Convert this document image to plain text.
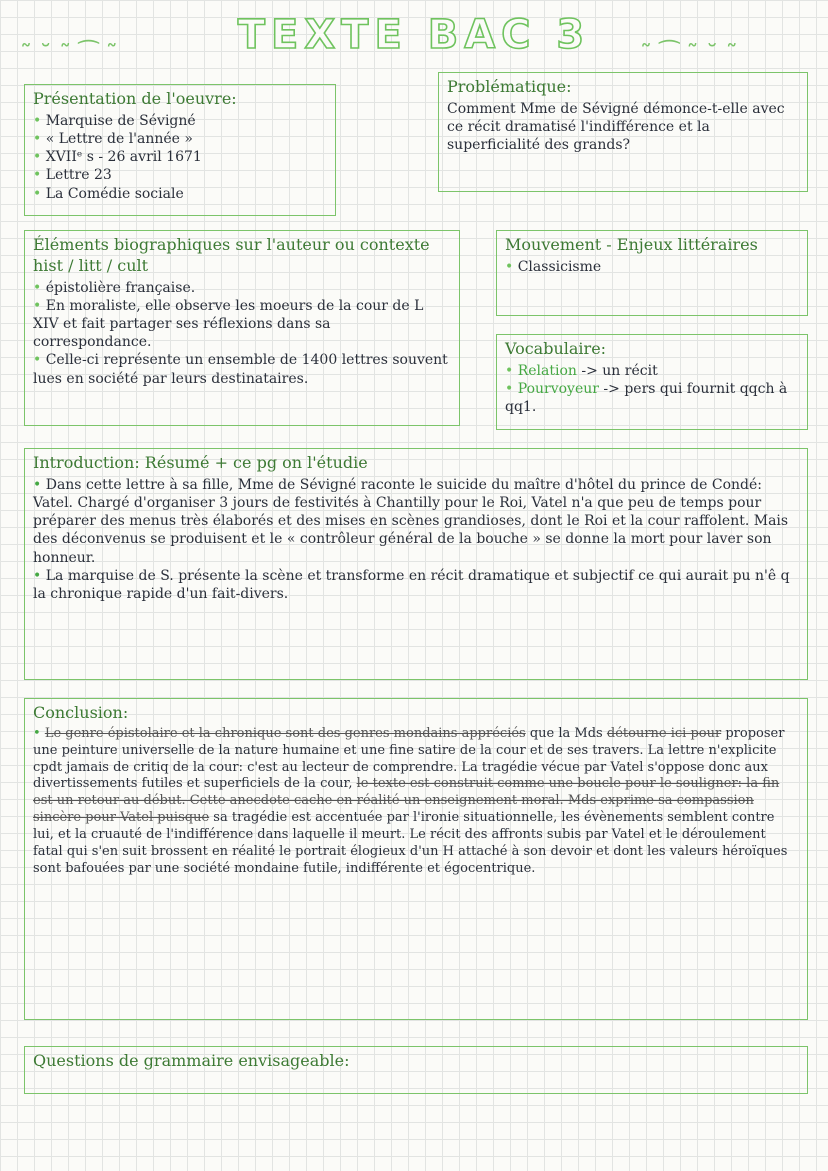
˜ ˘ ˜ ⁀ ˜	TEXTE BAC 3	˜ ⁀ ˜ ˘ ˜
Présentation de l'oeuvre:
• Marquise de Sévigné
• « Lettre de l'année »
• XVIIᵉ s - 26 avril 1671
• Lettre 23
• La Comédie sociale
Problématique:

Comment Mme de Sévigné démonce-t-elle avec ce récit dramatisé l'indifférence et la superficialité des grands?

Éléments biographiques sur l'auteur ou contexte hist / litt / cult
• épistolière française.
• En moraliste, elle observe les moeurs de la cour de L XIV et fait partager ses réflexions dans sa correspondance.
• Celle-ci représente un ensemble de 1400 lettres souvent lues en société par leurs destinataires.
Mouvement - Enjeux littéraires
• Classicisme
Vocabulaire:
• Relation -> un récit
• Pourvoyeur -> pers qui fournit qqch à qq1.
Introduction: Résumé + ce pg on l'étudie

• Dans cette lettre à sa fille, Mme de Sévigné raconte le suicide du maître d'hôtel du prince de Condé: Vatel. Chargé d'organiser 3 jours de festivités à Chantilly pour le Roi, Vatel n'a que peu de temps pour préparer des menus très élaborés et des mises en scènes grandioses, dont le Roi et la cour raffolent. Mais des déconvenus se produisent et le « contrôleur général de la bouche » se donne la mort pour laver son honneur.

• La marquise de S. présente la scène et transforme en récit dramatique et subjectif ce qui aurait pu n'ê q la chronique rapide d'un fait-divers.

Conclusion:

• Le genre épistolaire et la chronique sont des genres mondains appréciés que la Mds détourne ici pour proposer une peinture universelle de la nature humaine et une fine satire de la cour et de ses travers. La lettre n'explicite cpdt jamais de critiq de la cour: c'est au lecteur de comprendre. La tragédie vécue par Vatel s'oppose donc aux divertissements futiles et superficiels de la cour, le texte est construit comme une boucle pour le souligner: la fin est un retour au début. Cette anecdote cache en réalité un enseignement moral. Mds exprime sa compassion sincère pour Vatel puisque sa tragédie est accentuée par l'ironie situationnelle, les évènements semblent contre lui, et la cruauté de l'indifférence dans laquelle il meurt. Le récit des affronts subis par Vatel et le déroulement fatal qui s'en suit brossent en réalité le portrait élogieux d'un H attaché à son devoir et dont les valeurs héroïques sont bafouées par une société mondaine futile, indifférente et égocentrique.

Questions de grammaire envisageable:
